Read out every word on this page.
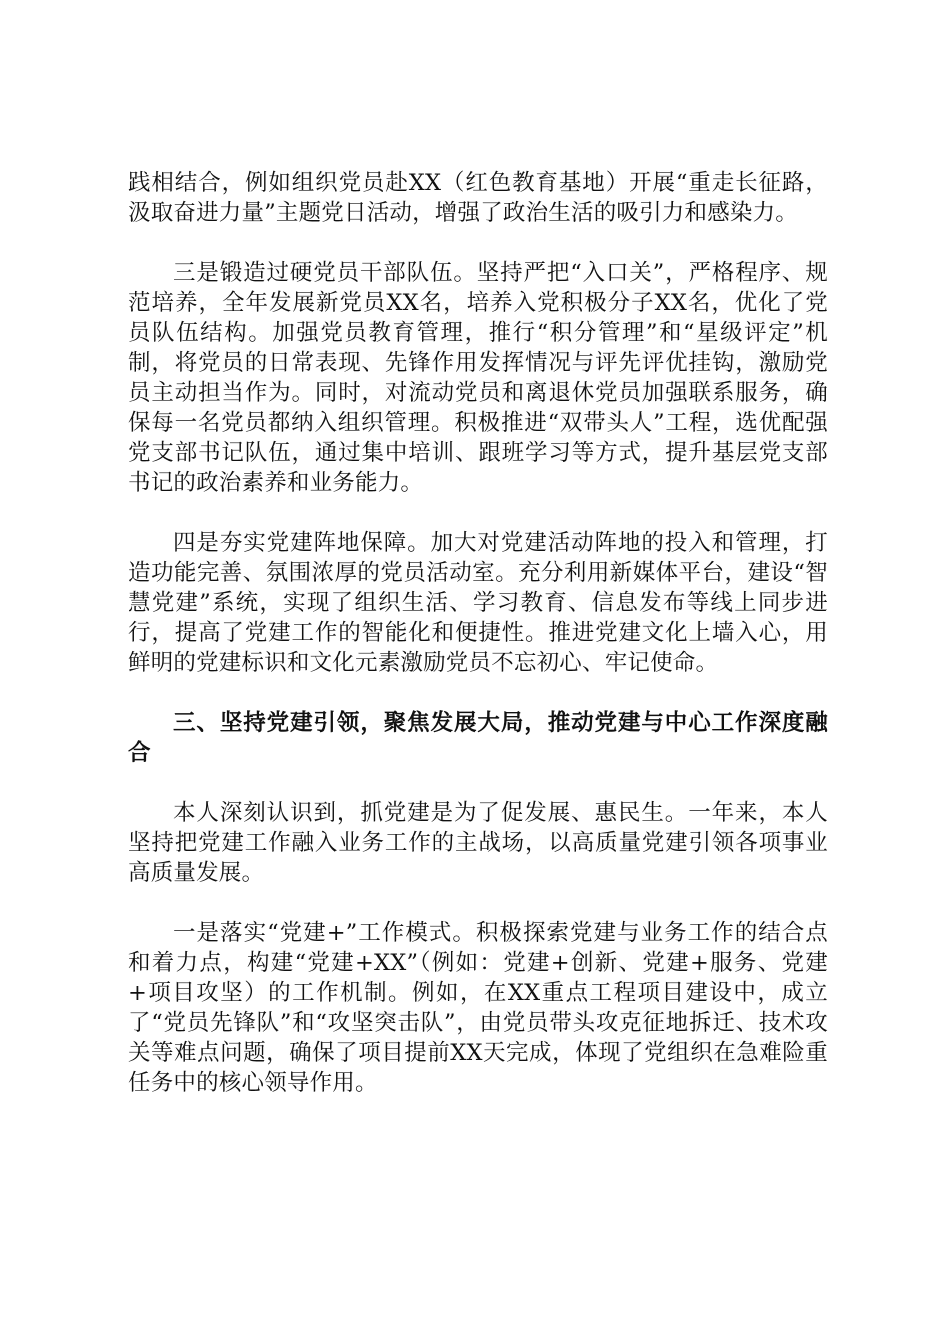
践相结合，例如组织党员赴XX（红色教育基地）开展“重走长征路，汲取奋进力量”主题党日活动，增强了政治生活的吸引力和感染力。

三是锻造过硬党员干部队伍。坚持严把“入口关”，严格程序、规范培养，全年发展新党员XX名，培养入党积极分子XX名，优化了党员队伍结构。加强党员教育管理，推行“积分管理”和“星级评定”机制，将党员的日常表现、先锋作用发挥情况与评先评优挂钩，激励党员主动担当作为。同时，对流动党员和离退休党员加强联系服务，确保每一名党员都纳入组织管理。积极推进“双带头人”工程，选优配强党支部书记队伍，通过集中培训、跟班学习等方式，提升基层党支部书记的政治素养和业务能力。

四是夯实党建阵地保障。加大对党建活动阵地的投入和管理，打造功能完善、氛围浓厚的党员活动室。充分利用新媒体平台，建设“智慧党建”系统，实现了组织生活、学习教育、信息发布等线上同步进行，提高了党建工作的智能化和便捷性。推进党建文化上墙入心，用鲜明的党建标识和文化元素激励党员不忘初心、牢记使命。

三、坚持党建引领，聚焦发展大局，推动党建与中心工作深度融合

本人深刻认识到，抓党建是为了促发展、惠民生。一年来，本人坚持把党建工作融入业务工作的主战场，以高质量党建引领各项事业高质量发展。

一是落实“党建+”工作模式。积极探索党建与业务工作的结合点和着力点，构建“党建+XX”（例如：党建+创新、党建+服务、党建+项目攻坚）的工作机制。例如，在XX重点工程项目建设中，成立了“党员先锋队”和“攻坚突击队”，由党员带头攻克征地拆迁、技术攻关等难点问题，确保了项目提前XX天完成，体现了党组织在急难险重任务中的核心领导作用。
